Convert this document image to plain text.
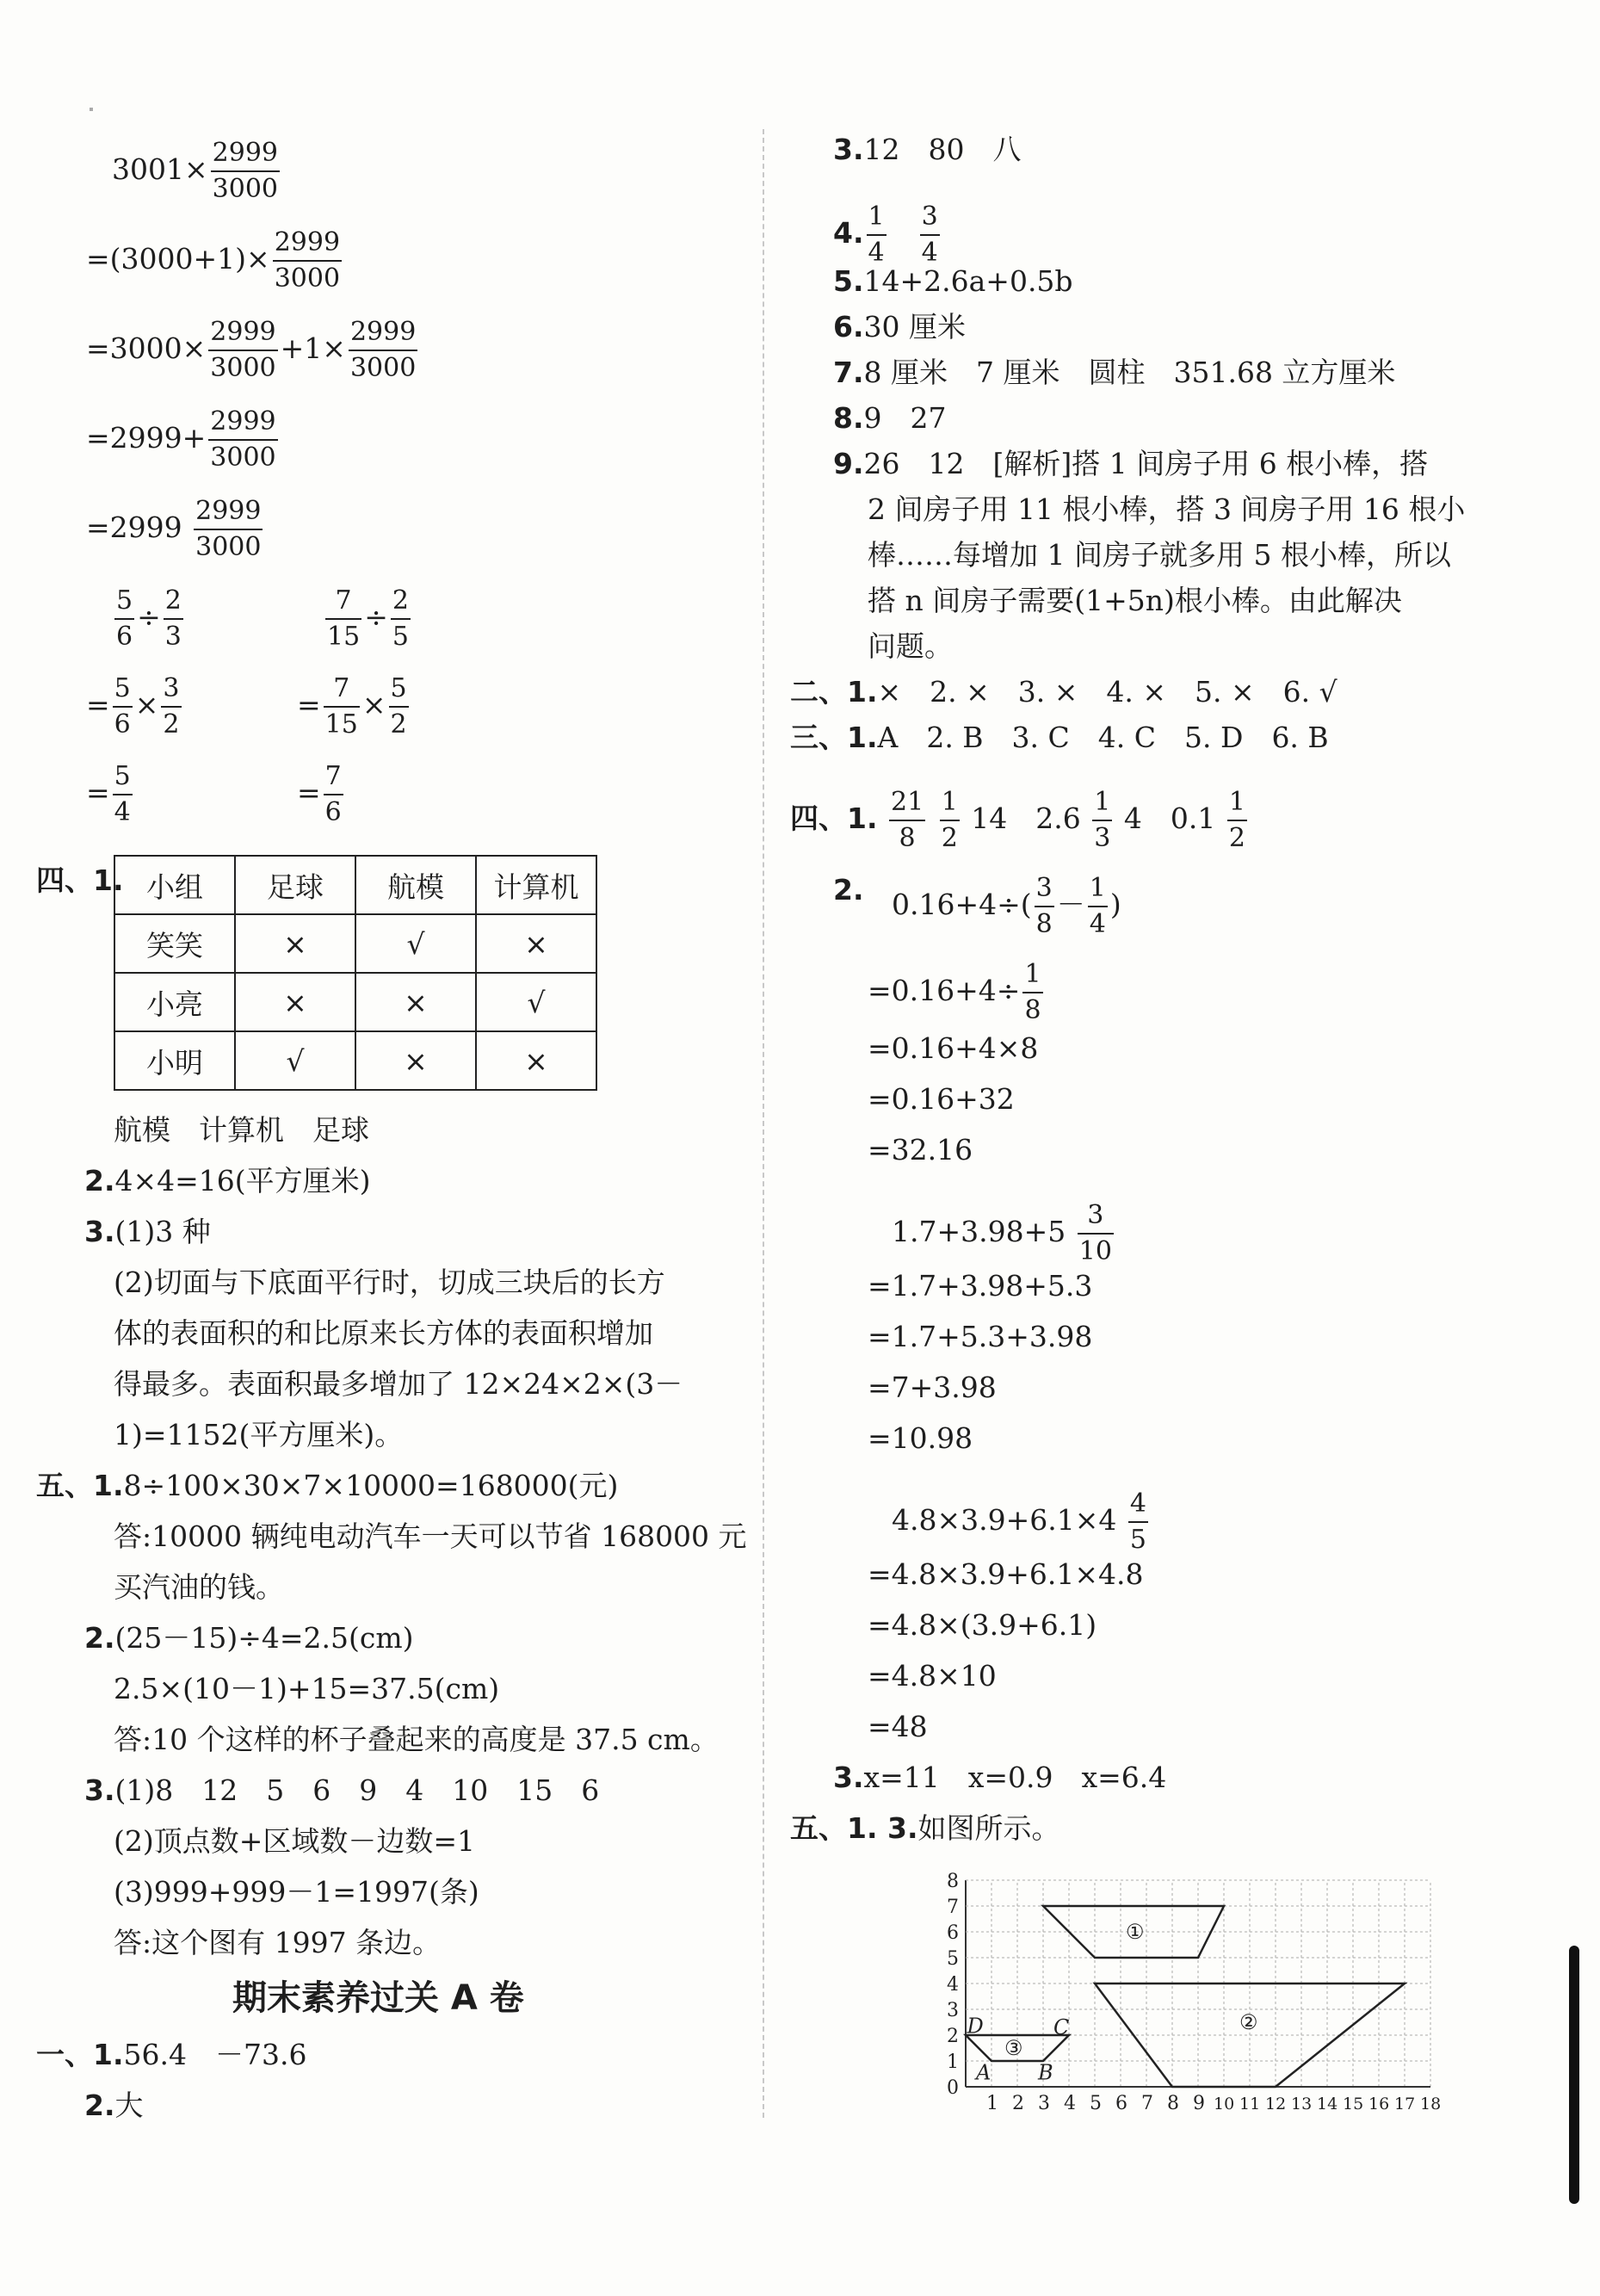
$3001\times \frac{2999}{3000}$
$=(3000+1)\times \frac{2999}{3000}$
$=3000\times \frac{2999}{3000} +1\times \frac{2999}{3000}$
$=2999+ \frac{2999}{3000}$
$=2999 \frac{2999}{3000}$
$\frac{5}{6} \div \frac{2}{3}$	$\frac{7}{15} \div \frac{2}{5}$
= $\frac{5}{6} \times \frac{3}{2}$	= $\frac{7}{15} \times \frac{5}{2}$
= $\frac{5}{4}$	= $\frac{7}{6}$
四、1. 小组	足球	航模	计算机
笑笑	×	√	×
小亮	×	×	√
小明	√	×	×
航模　计算机　足球
2.4×4=16(平方厘米)
3.(1)3 种
(2)切面与下底面平行时，切成三块后的长方
体的表面积的和比原来长方体的表面积增加
得最多。表面积最多增加了 12×24×2×(3－
1)=1152(平方厘米)。
五、1.8÷100×30×7×10000=168000(元)
答:10000 辆纯电动汽车一天可以节省 168000 元
买汽油的钱。
2.(25－15)÷4=2.5(cm)
2.5×(10－1)+15=37.5(cm)
答:10 个这样的杯子叠起来的高度是 37.5 cm。
3.(1)8　12　5　6　9　4　10　15　6
(2)顶点数+区域数－边数=1
(3)999+999－1=1997(条)
答:这个图有 1997 条边。
期末素养过关 A 卷
一、1.56.4　－73.6
2.大
3.12　80　八
4. $\frac{1}{4}$
　 $\frac{3}{4}$
5.14+2.6a+0.5b
6.30 厘米
7.8 厘米　7 厘米　圆柱　351.68 立方厘米
8.9　27
9.26　12　[解析]搭 1 间房子用 6 根小棒，搭
2 间房子用 11 根小棒，搭 3 间房子用 16 根小
棒……每增加 1 间房子就多用 5 根小棒，所以
搭 n 间房子需要(1+5n)根小棒。由此解决
问题。
二、1.×　2. ×　3. ×　4. ×　5. ×　6. √
三、1.A　2. B　3. C　4. C　5. D　6. B
四、1. $\frac{21}{8}$
$\frac{1}{2} 14$　$2.6 \frac{1}{3} 4$　$0.1 \frac{1}{2}$
2. $0.16+4\div( \frac{3}{8} - \frac{1}{4}$ )
$=0.16+4\div \frac{1}{8}$
=0.16+4×8
=0.16+32
=32.16
$1.7+3.98+5 \frac{3}{10}$
=1.7+3.98+5.3
=1.7+5.3+3.98
=7+3.98
=10.98
$4.8\times 3.9+6.1\times 4 \frac{4}{5}$
=4.8×3.9+6.1×4.8
=4.8×(3.9+6.1)
=4.8×10
=48
3.x=11　x=0.9　x=6.4
五、1. 3.如图所示。
0
1
2
3
4
5
6
7
8
1 2 3 4 5 6 7 8 9 10 11 12 13 14 15 16 17 18
①
②
③
A B
C
D
